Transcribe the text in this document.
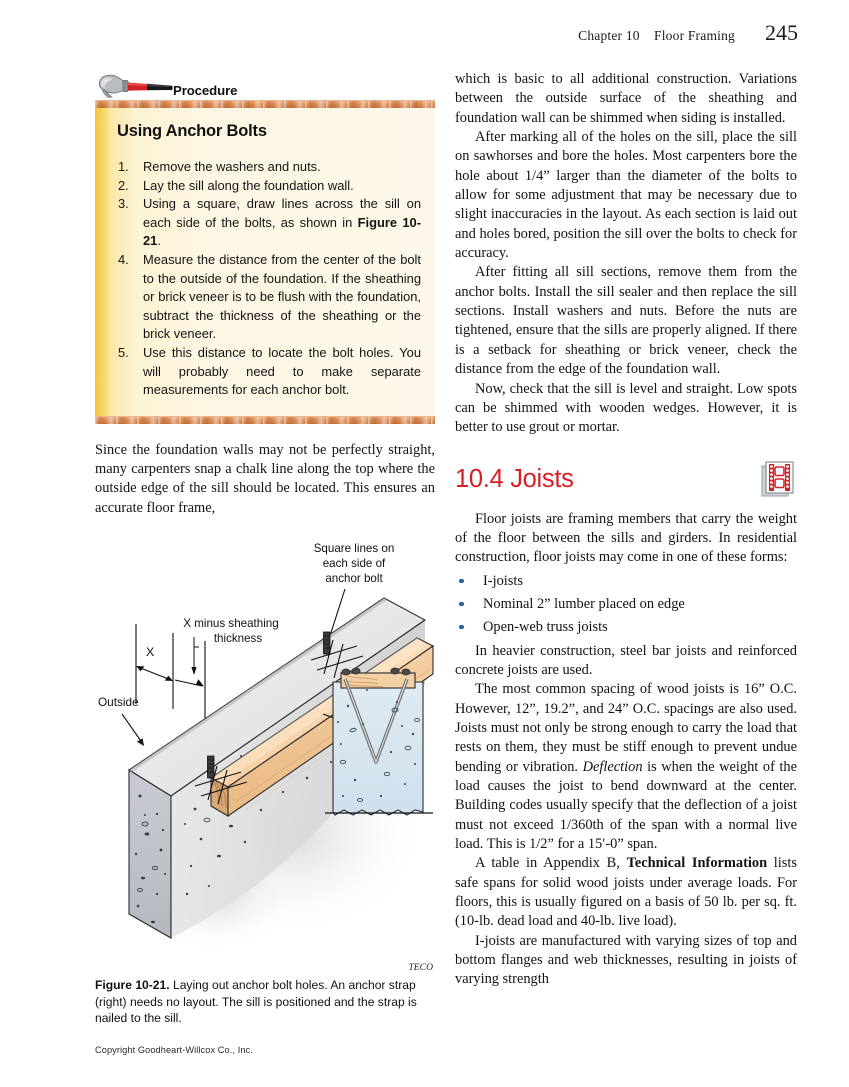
Chapter 10    Floor Framing 245
Procedure
Using Anchor Bolts
Remove the washers and nuts.
Lay the sill along the foundation wall.
Using a square, draw lines across the sill on each side of the bolts, as shown in Figure 10-21.
Measure the distance from the center of the bolt to the outside of the foundation. If the sheathing or brick veneer is to be flush with the foundation, subtract the thickness of the sheathing or the brick veneer.
Use this distance to locate the bolt holes. You will probably need to make separate measurements for each anchor bolt.

Since the foundation walls may not be perfectly straight, many carpenters snap a chalk line along the top where the outside edge of the sill should be located. This ensures an accurate floor frame,

Square lines on
each side of
anchor bolt
X minus sheathing
thickness
X
Outside
TECO
Figure 10-21. Laying out anchor bolt holes. An anchor strap (right) needs no layout. The sill is positioned and the strap is nailed to the sill.

which is basic to all additional construction. Variations between the outside surface of the sheathing and foundation wall can be shimmed when siding is installed.

After marking all of the holes on the sill, place the sill on sawhorses and bore the holes. Most carpenters bore the hole about 1/4” larger than the diameter of the bolts to allow for some adjustment that may be necessary due to slight inaccuracies in the layout. As each section is laid out and holes bored, position the sill over the bolts to check for accuracy.

After fitting all sill sections, remove them from the anchor bolts. Install the sill sealer and then replace the sill sections. Install washers and nuts. Before the nuts are tightened, ensure that the sills are properly aligned. If there is a setback for sheathing or brick veneer, check the distance from the edge of the foundation wall.

Now, check that the sill is level and straight. Low spots can be shimmed with wooden wedges. However, it is better to use grout or mortar.

10.4 Joists

Floor joists are framing members that carry the weight of the floor between the sills and girders. In residential construction, floor joists may come in one of these forms:

I-joists
Nominal 2” lumber placed on edge
Open-web truss joists

In heavier construction, steel bar joists and reinforced concrete joists are used.

The most common spacing of wood joists is 16” O.C. However, 12”, 19.2”, and 24” O.C. spacings are also used. Joists must not only be strong enough to carry the load that rests on them, they must be stiff enough to prevent undue bending or vibration. Deflection is when the weight of the load causes the joist to bend downward at the center. Building codes usually specify that the deflection of a joist must not exceed 1/360th of the span with a normal live load. This is 1/2” for a 15′-0” span.

A table in Appendix B, Technical Information lists safe spans for solid wood joists under average loads. For floors, this is usually figured on a basis of 50 lb. per sq. ft. (10-lb. dead load and 40-lb. live load).

I-joists are manufactured with varying sizes of top and bottom flanges and web thicknesses, resulting in joists of varying strength

Copyright Goodheart-Willcox Co., Inc.
